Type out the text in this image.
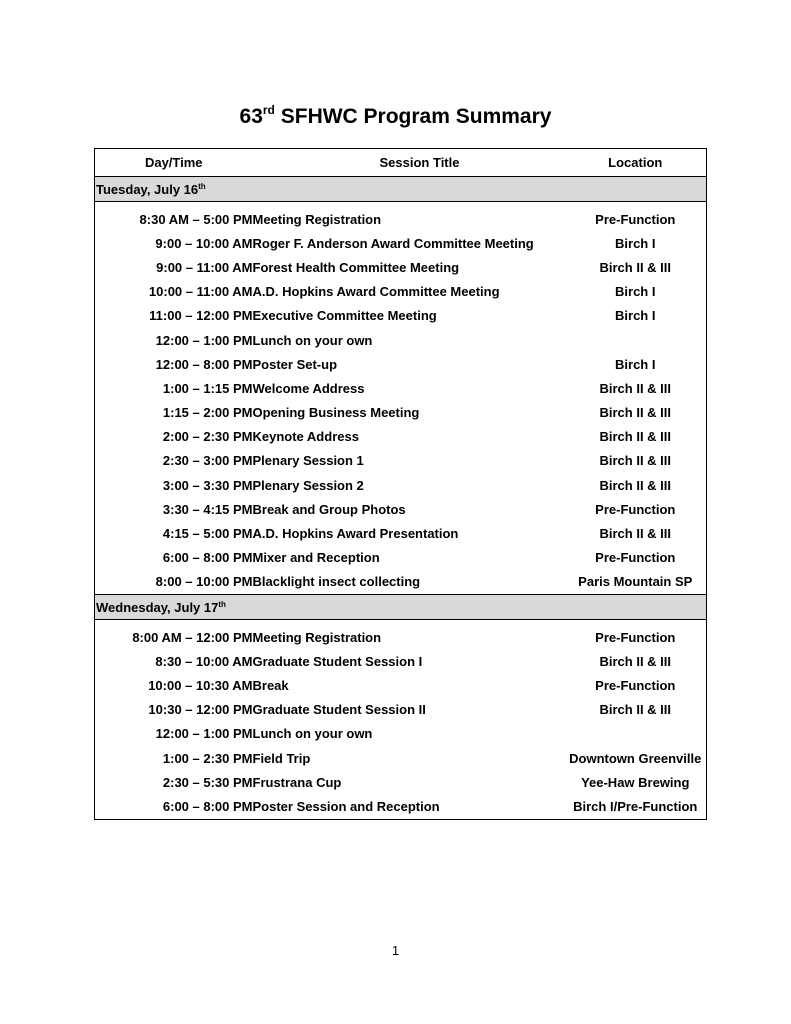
63rd SFHWC Program Summary
Day/Time	Session Title	Location
Tuesday, July 16th

8:30 AM – 5:00 PM	Meeting Registration	Pre-Function
9:00 – 10:00 AM	Roger F. Anderson Award Committee Meeting	Birch I
9:00 – 11:00 AM	Forest Health Committee Meeting	Birch II & III
10:00 – 11:00 AM	A.D. Hopkins Award Committee Meeting	Birch I
11:00 – 12:00 PM	Executive Committee Meeting	Birch I
12:00 – 1:00 PM	Lunch on your own	
12:00 – 8:00 PM	Poster Set-up	Birch I
1:00 – 1:15 PM	Welcome Address	Birch II & III
1:15 – 2:00 PM	Opening Business Meeting	Birch II & III
2:00 – 2:30 PM	Keynote Address	Birch II & III
2:30 – 3:00 PM	Plenary Session 1	Birch II & III
3:00 – 3:30 PM	Plenary Session 2	Birch II & III
3:30 – 4:15 PM	Break and Group Photos	Pre-Function
4:15 – 5:00 PM	A.D. Hopkins Award Presentation	Birch II & III
6:00 – 8:00 PM	Mixer and Reception	Pre-Function
8:00 – 10:00 PM	Blacklight insect collecting	Paris Mountain SP
Wednesday, July 17th

8:00 AM – 12:00 PM	Meeting Registration	Pre-Function
8:30 – 10:00 AM	Graduate Student Session I	Birch II & III
10:00 – 10:30 AM	Break	Pre-Function
10:30 – 12:00 PM	Graduate Student Session II	Birch II & III
12:00 – 1:00 PM	Lunch on your own	
1:00 – 2:30 PM	Field Trip	Downtown Greenville
2:30 – 5:30 PM	Frustrana Cup	Yee-Haw Brewing
6:00 – 8:00 PM	Poster Session and Reception	Birch I/Pre-Function
1
